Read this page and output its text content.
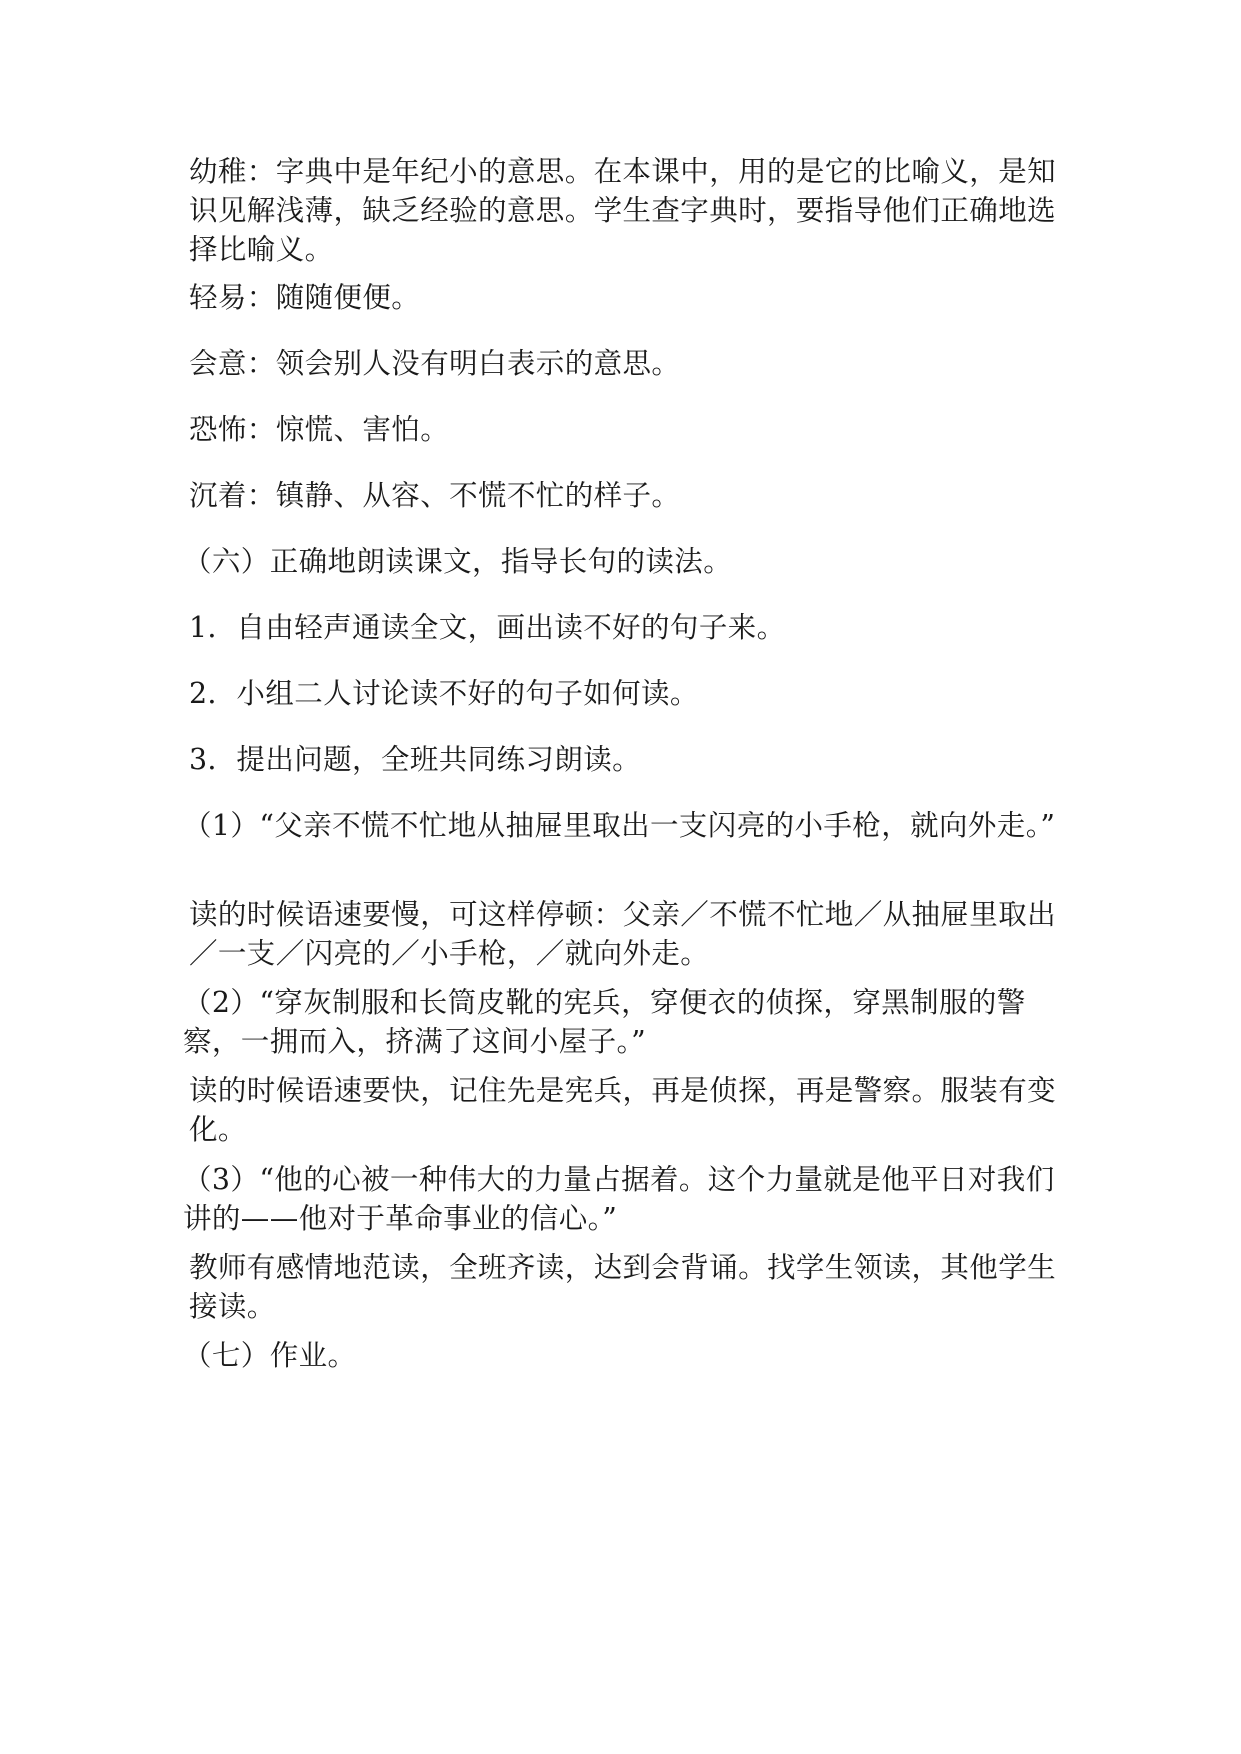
幼稚：字典中是年纪小的意思。在本课中，用的是它的比喻义，是知识见解浅薄，缺乏经验的意思。学生查字典时，要指导他们正确地选择比喻义。

轻易：随随便便。

会意：领会别人没有明白表示的意思。

恐怖：惊慌、害怕。

沉着：镇静、从容、不慌不忙的样子。

（六）正确地朗读课文，指导长句的读法。

1．自由轻声通读全文，画出读不好的句子来。

2．小组二人讨论读不好的句子如何读。

3．提出问题，全班共同练习朗读。

（1）“父亲不慌不忙地从抽屉里取出一支闪亮的小手枪，就向外走。”

读的时候语速要慢，可这样停顿：父亲／不慌不忙地／从抽屉里取出／一支／闪亮的／小手枪，／就向外走。

（2）“穿灰制服和长筒皮靴的宪兵，穿便衣的侦探，穿黑制服的警察，一拥而入，挤满了这间小屋子。”

读的时候语速要快，记住先是宪兵，再是侦探，再是警察。服装有变化。

（3）“他的心被一种伟大的力量占据着。这个力量就是他平日对我们讲的——他对于革命事业的信心。”

教师有感情地范读，全班齐读，达到会背诵。找学生领读，其他学生接读。

（七）作业。
